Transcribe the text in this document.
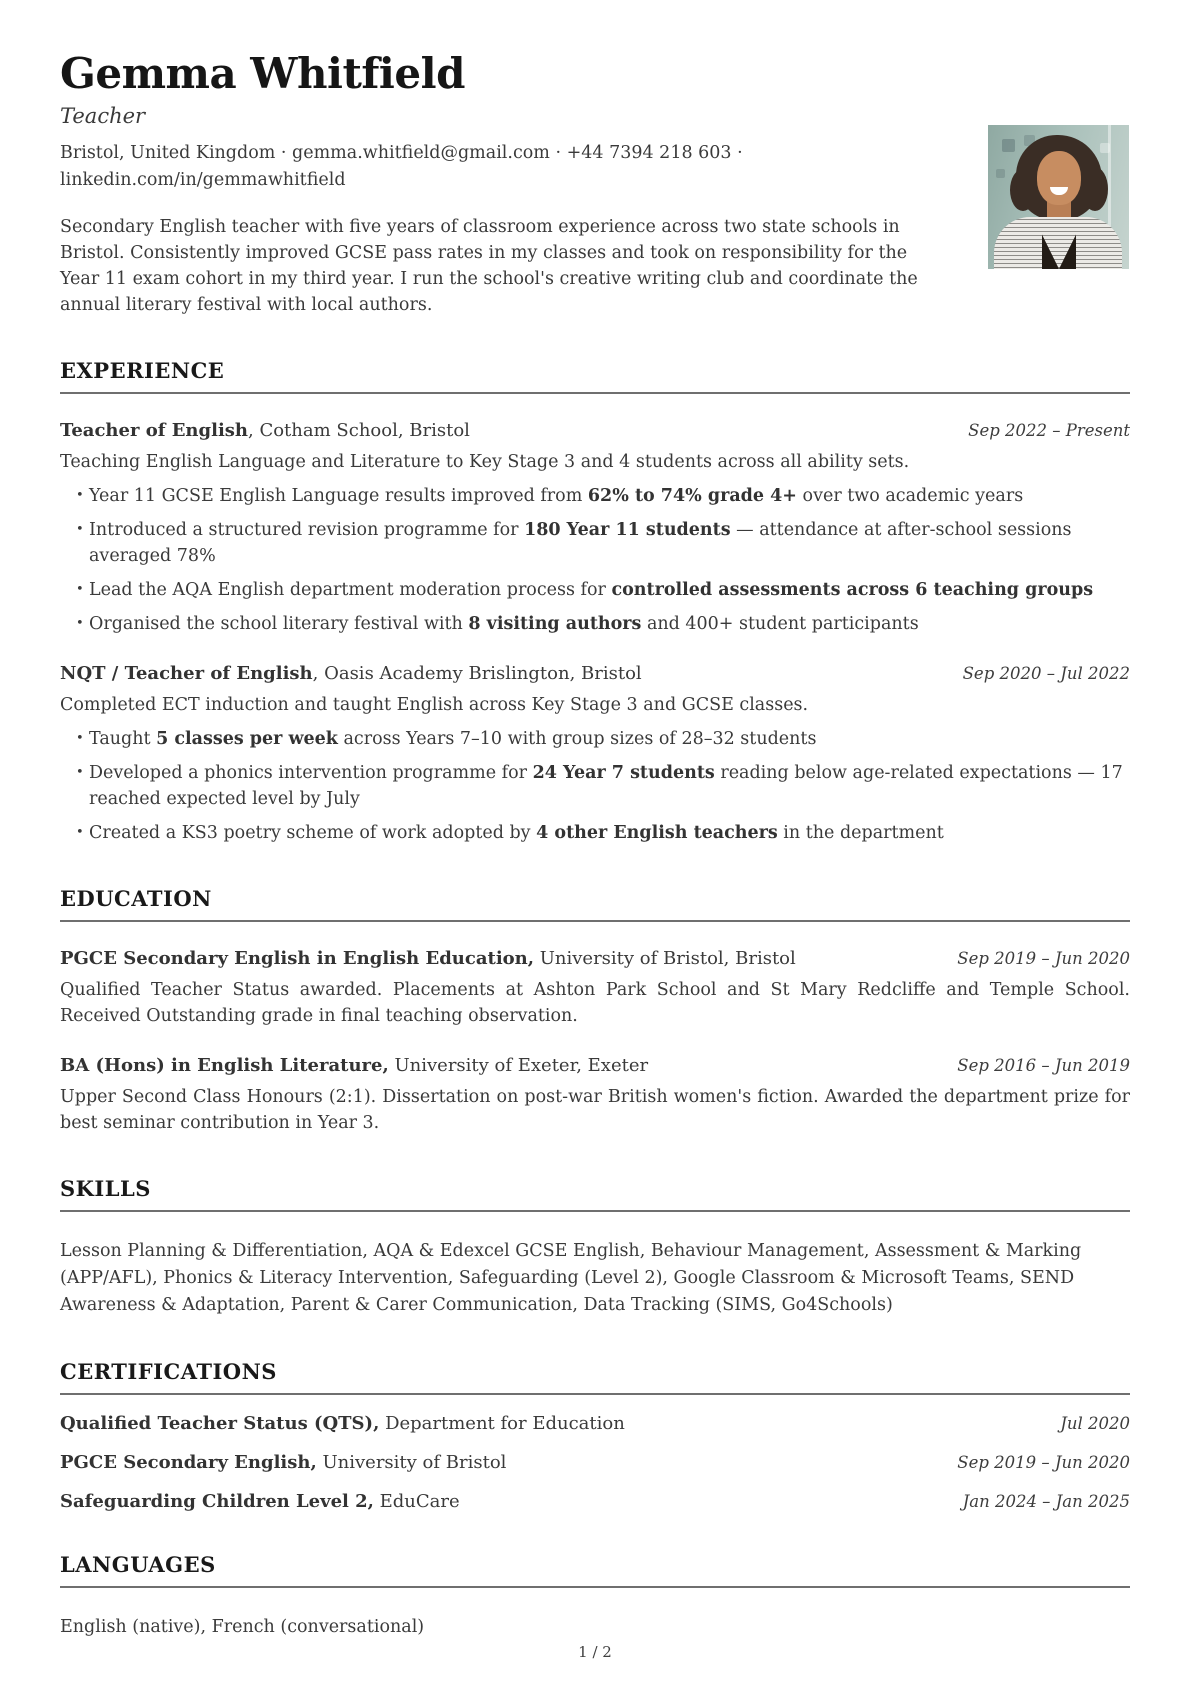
Gemma Whitfield
Teacher
Bristol, United Kingdom · gemma.whitfield@gmail.com · +44 7394 218 603 ·
linkedin.com/in/gemmawhitfield
Secondary English teacher with five years of classroom experience across two state schools in Bristol. Consistently improved GCSE pass rates in my classes and took on responsibility for the Year 11 exam cohort in my third year. I run the school's creative writing club and coordinate the annual literary festival with local authors.
EXPERIENCE
Teacher of English, Cotham School, Bristol	Sep 2022 – Present
Teaching English Language and Literature to Key Stage 3 and 4 students across all ability sets.
• Year 11 GCSE English Language results improved from 62% to 74% grade 4+ over two academic years
• Introduced a structured revision programme for 180 Year 11 students — attendance at after-school sessions averaged 78%
• Lead the AQA English department moderation process for controlled assessments across 6 teaching groups
• Organised the school literary festival with 8 visiting authors and 400+ student participants
NQT / Teacher of English, Oasis Academy Brislington, Bristol	Sep 2020 – Jul 2022
Completed ECT induction and taught English across Key Stage 3 and GCSE classes.
• Taught 5 classes per week across Years 7–10 with group sizes of 28–32 students
• Developed a phonics intervention programme for 24 Year 7 students reading below age-related expectations — 17 reached expected level by July
• Created a KS3 poetry scheme of work adopted by 4 other English teachers in the department
EDUCATION
PGCE Secondary English in English Education, University of Bristol, Bristol	Sep 2019 – Jun 2020
Qualified Teacher Status awarded. Placements at Ashton Park School and St Mary Redcliffe and Temple School. Received Outstanding grade in final teaching observation.
BA (Hons) in English Literature, University of Exeter, Exeter	Sep 2016 – Jun 2019
Upper Second Class Honours (2:1). Dissertation on post-war British women's fiction. Awarded the department prize for best seminar contribution in Year 3.
SKILLS
Lesson Planning & Differentiation, AQA & Edexcel GCSE English, Behaviour Management, Assessment & Marking (APP/AFL), Phonics & Literacy Intervention, Safeguarding (Level 2), Google Classroom & Microsoft Teams, SEND Awareness & Adaptation, Parent & Carer Communication, Data Tracking (SIMS, Go4Schools)
CERTIFICATIONS
Qualified Teacher Status (QTS), Department for Education	Jul 2020
PGCE Secondary English, University of Bristol	Sep 2019 – Jun 2020
Safeguarding Children Level 2, EduCare	Jan 2024 – Jan 2025
LANGUAGES
English (native), French (conversational)
1 / 2
